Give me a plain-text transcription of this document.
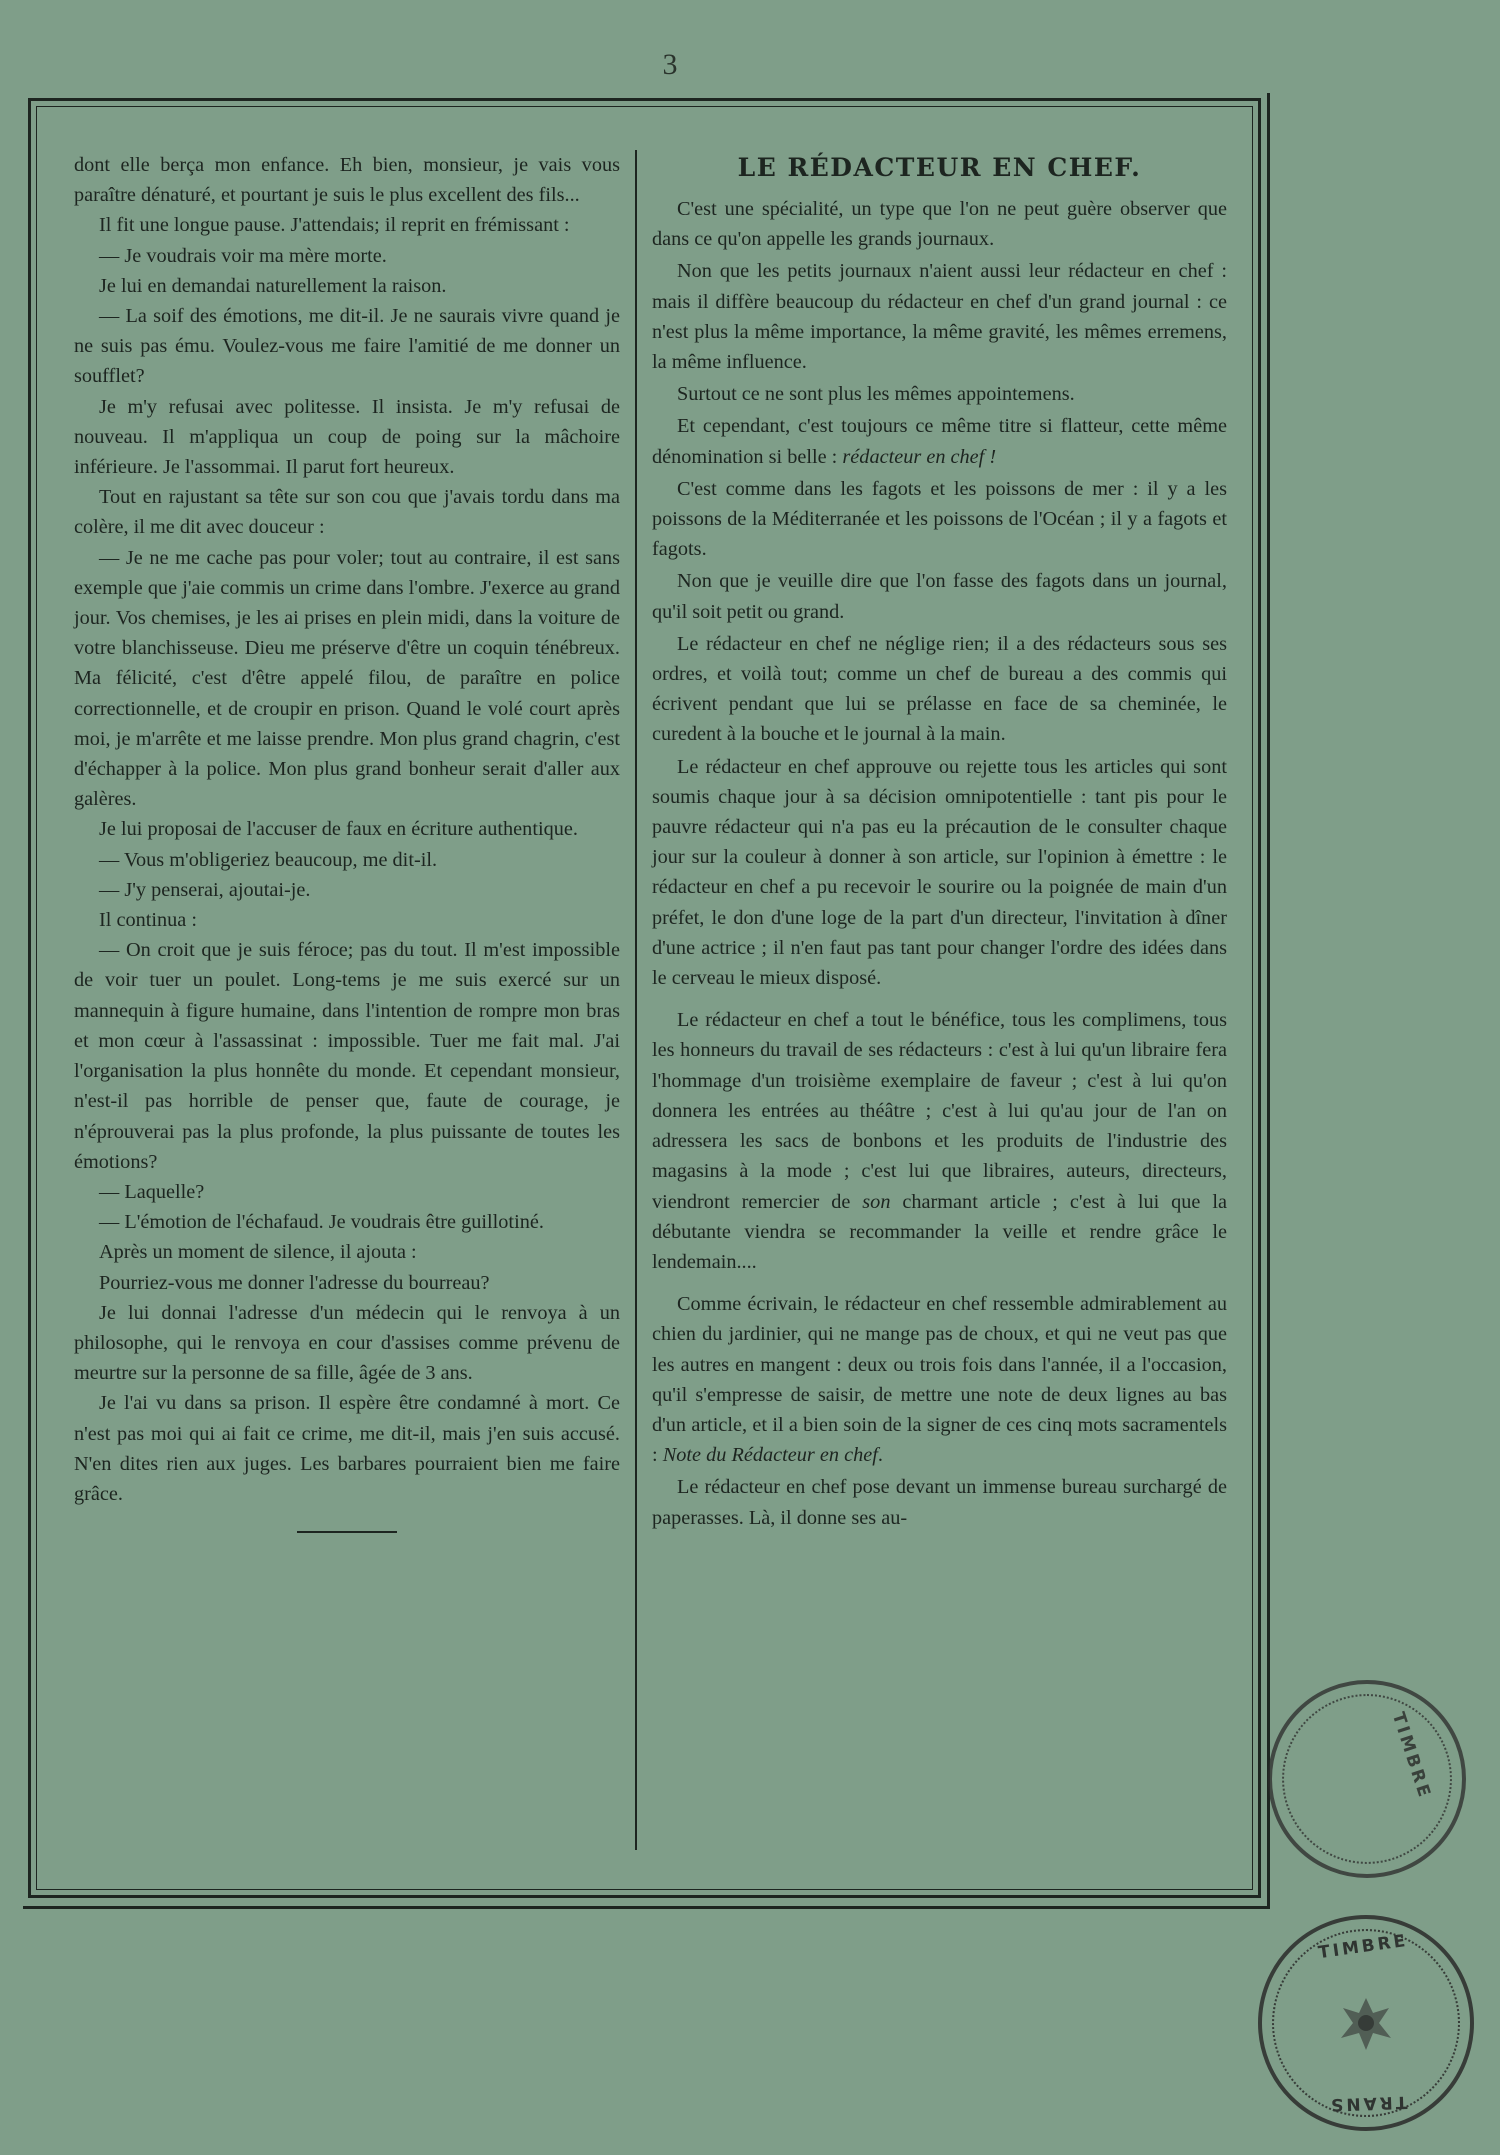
3

dont elle berça mon enfance. Eh bien, monsieur, je vais vous paraître dénaturé, et pourtant je suis le plus excellent des fils...

Il fit une longue pause. J'attendais; il reprit en frémissant :

— Je voudrais voir ma mère morte.

Je lui en demandai naturellement la raison.

— La soif des émotions, me dit-il. Je ne saurais vivre quand je ne suis pas ému. Voulez-vous me faire l'amitié de me donner un soufflet?

Je m'y refusai avec politesse. Il insista. Je m'y refusai de nouveau. Il m'appliqua un coup de poing sur la mâchoire inférieure. Je l'assommai. Il parut fort heureux.

Tout en rajustant sa tête sur son cou que j'avais tordu dans ma colère, il me dit avec douceur :

— Je ne me cache pas pour voler; tout au contraire, il est sans exemple que j'aie commis un crime dans l'ombre. J'exerce au grand jour. Vos chemises, je les ai prises en plein midi, dans la voiture de votre blanchisseuse. Dieu me préserve d'être un coquin ténébreux. Ma félicité, c'est d'être appelé filou, de paraître en police correctionnelle, et de croupir en prison. Quand le volé court après moi, je m'arrête et me laisse prendre. Mon plus grand chagrin, c'est d'échapper à la police. Mon plus grand bonheur serait d'aller aux galères.

Je lui proposai de l'accuser de faux en écriture authentique.

— Vous m'obligeriez beaucoup, me dit-il.

— J'y penserai, ajoutai-je.

Il continua :

— On croit que je suis féroce; pas du tout. Il m'est impossible de voir tuer un poulet. Long-tems je me suis exercé sur un mannequin à figure humaine, dans l'intention de rompre mon bras et mon cœur à l'assassinat : impossible. Tuer me fait mal. J'ai l'organisation la plus honnête du monde. Et cependant monsieur, n'est-il pas horrible de penser que, faute de courage, je n'éprouverai pas la plus profonde, la plus puissante de toutes les émotions?

— Laquelle?

— L'émotion de l'échafaud. Je voudrais être guillotiné.

Après un moment de silence, il ajouta :

Pourriez-vous me donner l'adresse du bourreau?

Je lui donnai l'adresse d'un médecin qui le renvoya à un philosophe, qui le renvoya en cour d'assises comme prévenu de meurtre sur la personne de sa fille, âgée de 3 ans.

Je l'ai vu dans sa prison. Il espère être condamné à mort. Ce n'est pas moi qui ai fait ce crime, me dit-il, mais j'en suis accusé. N'en dites rien aux juges. Les barbares pourraient bien me faire grâce.

LE RÉDACTEUR EN CHEF.

C'est une spécialité, un type que l'on ne peut guère observer que dans ce qu'on appelle les grands journaux.

Non que les petits journaux n'aient aussi leur rédacteur en chef : mais il diffère beaucoup du rédacteur en chef d'un grand journal : ce n'est plus la même importance, la même gravité, les mêmes erremens, la même influence.

Surtout ce ne sont plus les mêmes appointemens.

Et cependant, c'est toujours ce même titre si flatteur, cette même dénomination si belle : rédacteur en chef !

C'est comme dans les fagots et les poissons de mer : il y a les poissons de la Méditerranée et les poissons de l'Océan ; il y a fagots et fagots.

Non que je veuille dire que l'on fasse des fagots dans un journal, qu'il soit petit ou grand.

Le rédacteur en chef ne néglige rien; il a des rédacteurs sous ses ordres, et voilà tout; comme un chef de bureau a des commis qui écrivent pendant que lui se prélasse en face de sa cheminée, le curedent à la bouche et le journal à la main.

Le rédacteur en chef approuve ou rejette tous les articles qui sont soumis chaque jour à sa décision omnipotentielle : tant pis pour le pauvre rédacteur qui n'a pas eu la précaution de le consulter chaque jour sur la couleur à donner à son article, sur l'opinion à émettre : le rédacteur en chef a pu recevoir le sourire ou la poignée de main d'un préfet, le don d'une loge de la part d'un directeur, l'invitation à dîner d'une actrice ; il n'en faut pas tant pour changer l'ordre des idées dans le cerveau le mieux disposé.

Le rédacteur en chef a tout le bénéfice, tous les complimens, tous les honneurs du travail de ses rédacteurs : c'est à lui qu'un libraire fera l'hommage d'un troisième exemplaire de faveur ; c'est à lui qu'on donnera les entrées au théâtre ; c'est à lui qu'au jour de l'an on adressera les sacs de bonbons et les produits de l'industrie des magasins à la mode ; c'est lui que libraires, auteurs, directeurs, viendront remercier de son charmant article ; c'est à lui que la débutante viendra se recommander la veille et rendre grâce le lendemain....

Comme écrivain, le rédacteur en chef ressemble admirablement au chien du jardinier, qui ne mange pas de choux, et qui ne veut pas que les autres en mangent : deux ou trois fois dans l'année, il a l'occasion, qu'il s'empresse de saisir, de mettre une note de deux lignes au bas d'un article, et il a bien soin de la signer de ces cinq mots sacramentels : Note du Rédacteur en chef.

Le rédacteur en chef pose devant un immense bureau surchargé de paperasses. Là, il donne ses au-

TIMBRE
TIMBRE
TRANS
